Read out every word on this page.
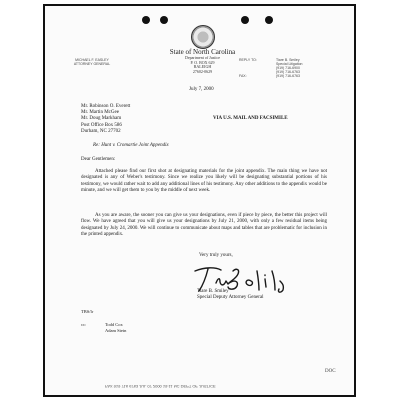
State of North Carolina
Department of Justice
P. O. BOX 629
RALEIGH
27602-0629
MICHAEL F. EASLEY
ATTORNEY GENERAL
REPLY TO:	Tiare B. Smiley
Special Litigation
(919) 716-6900
(919) 716-6763
FAX:	(919) 716-6763
July 7, 2000
Mr. Robinson O. Everett
Mr. Martin McGee
Mr. Doug Markham
Post Office Box 586
Durham, NC 27702
VIA U.S. MAIL AND FACSIMILE
Re: Hunt v. Cromartie Joint Appendix
Dear Gentlemen:
Attached please find our first shot at designating materials for the joint appendix. The main thing we have not designated is any of Weber's testimony. Since we realize you likely will be designating substantial portions of his testimony, we would rather wait to add any additional lines of his testimony. Any other additions to the appendix would be minute, and we will get them to you by the middle of next week.
As you are aware, the sooner you can give us your designations, even if piece by piece, the better this project will flow. We have agreed that you will give us your designations by July 21, 2000, with only a few residual items being designated by July 24, 2000. We will continue to communicate about maps and tables that are problematic for inclusion in the printed appendix.
Very truly yours,
Tiare B. Smiley
Special Deputy Attorney General
TBS/lr
cc:	Todd Cox
Adam Stein
DOC
FAX 919 716 6763 JUL 07 2000 15:11 NC DEPT OF JUSTICE
